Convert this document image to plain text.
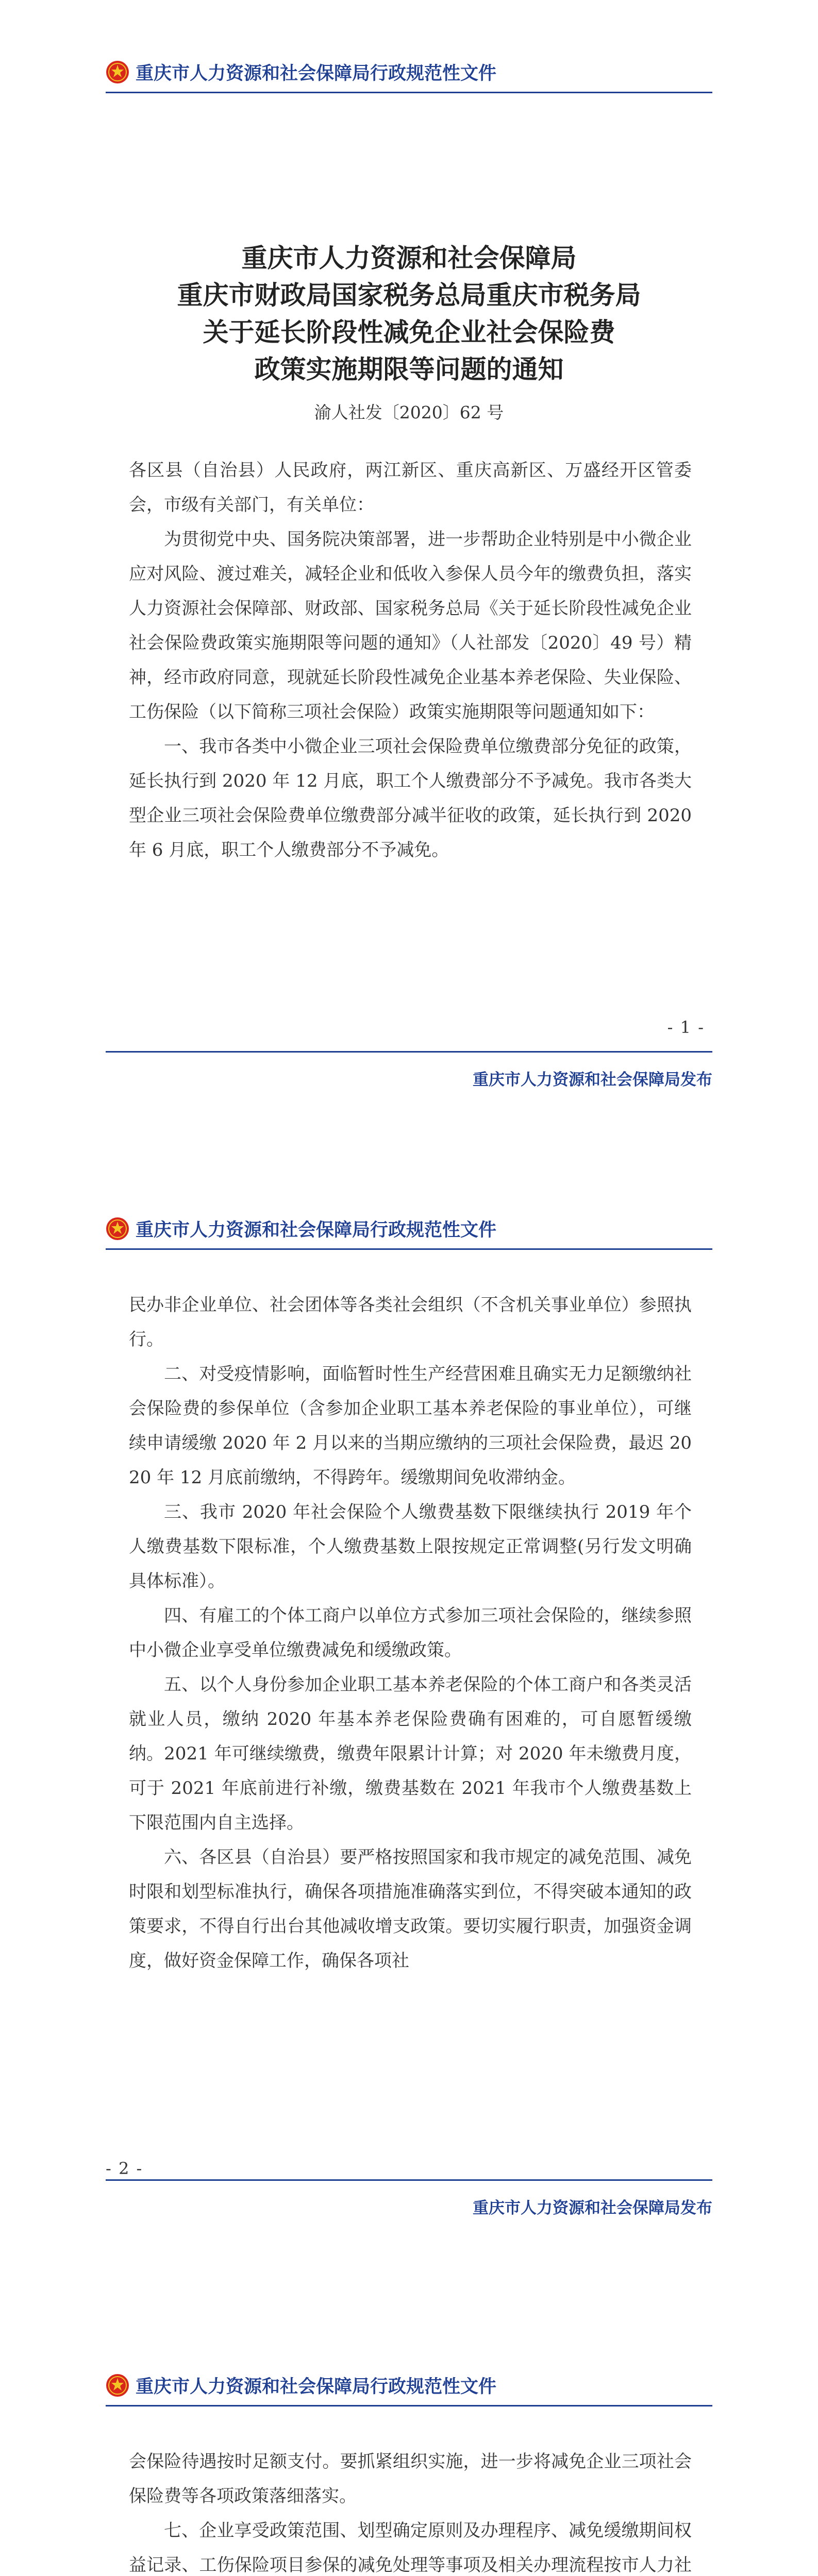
重庆市人力资源和社会保障局行政规范性文件
重庆市人力资源和社会保障局
重庆市财政局国家税务总局重庆市税务局
关于延长阶段性减免企业社会保险费
政策实施期限等问题的通知
渝人社发〔2020〕62 号

各区县（自治县）人民政府，两江新区、重庆高新区、万盛经开区管委会，市级有关部门，有关单位：

为贯彻党中央、国务院决策部署，进一步帮助企业特别是中小微企业应对风险、渡过难关，减轻企业和低收入参保人员今年的缴费负担，落实人力资源社会保障部、财政部、国家税务总局《关于延长阶段性减免企业社会保险费政策实施期限等问题的通知》（人社部发〔2020〕49 号）精神，经市政府同意，现就延长阶段性减免企业基本养老保险、失业保险、工伤保险（以下简称三项社会保险）政策实施期限等问题通知如下：

一、我市各类中小微企业三项社会保险费单位缴费部分免征的政策，延长执行到 2020 年 12 月底，职工个人缴费部分不予减免。我市各类大型企业三项社会保险费单位缴费部分减半征收的政策，延长执行到 2020 年 6 月底，职工个人缴费部分不予减免。

- 1 -
重庆市人力资源和社会保障局发布
重庆市人力资源和社会保障局行政规范性文件

民办非企业单位、社会团体等各类社会组织（不含机关事业单位）参照执行。

二、对受疫情影响，面临暂时性生产经营困难且确实无力足额缴纳社会保险费的参保单位（含参加企业职工基本养老保险的事业单位），可继续申请缓缴 2020 年 2 月以来的当期应缴纳的三项社会保险费，最迟 2020 年 12 月底前缴纳，不得跨年。缓缴期间免收滞纳金。

三、我市 2020 年社会保险个人缴费基数下限继续执行 2019 年个人缴费基数下限标准，个人缴费基数上限按规定正常调整(另行发文明确具体标准）。

四、有雇工的个体工商户以单位方式参加三项社会保险的，继续参照中小微企业享受单位缴费减免和缓缴政策。

五、以个人身份参加企业职工基本养老保险的个体工商户和各类灵活就业人员，缴纳 2020 年基本养老保险费确有困难的，可自愿暂缓缴纳。2021 年可继续缴费，缴费年限累计计算；对 2020 年未缴费月度，可于 2021 年底前进行补缴，缴费基数在 2021 年我市个人缴费基数上下限范围内自主选择。

六、各区县（自治县）要严格按照国家和我市规定的减免范围、减免时限和划型标准执行，确保各项措施准确落实到位，不得突破本通知的政策要求，不得自行出台其他减收增支政策。要切实履行职责，加强资金调度，做好资金保障工作，确保各项社

- 2 -
重庆市人力资源和社会保障局发布
重庆市人力资源和社会保障局行政规范性文件

会保险待遇按时足额支付。要抓紧组织实施，进一步将减免企业三项社会保险费等各项政策落细落实。

七、企业享受政策范围、划型确定原则及办理程序、减免缓缴期间权益记录、工伤保险项目参保的减免处理等事项及相关办理流程按市人力社
